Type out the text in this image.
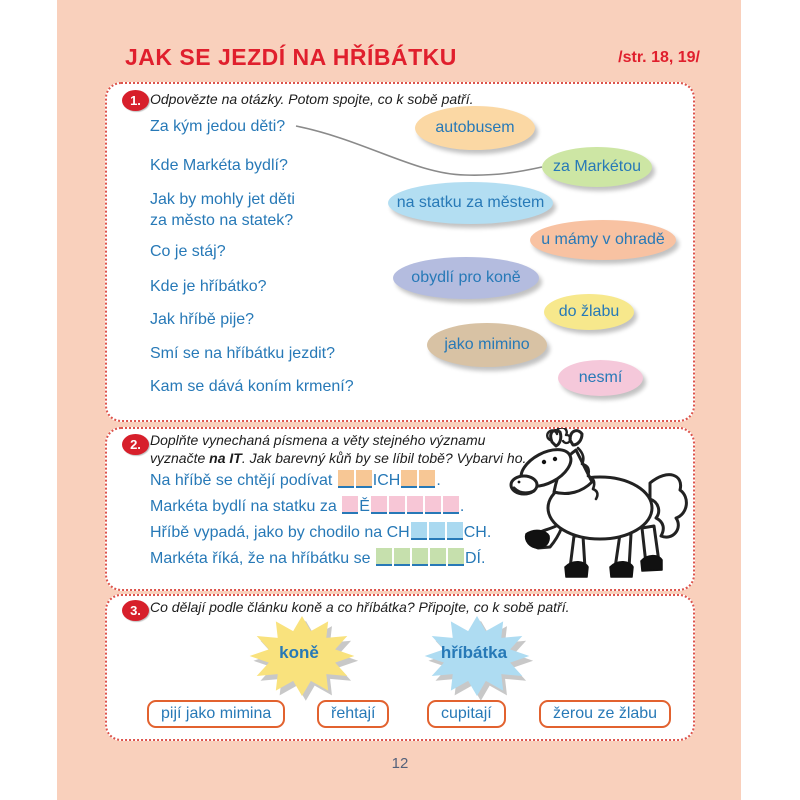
JAK SE JEZDÍ NA HŘÍBÁTKU	/str. 18, 19/
1. Odpovězte na otázky. Potom spojte, co k sobě patří.
Za kým jedou děti?
Kde Markéta bydlí?
Jak by mohly jet děti
za město na statek?
Co je stáj?
Kde je hříbátko?
Jak hříbě pije?
Smí se na hříbátku jezdit?
Kam se dává koním krmení?
autobusem
za Markétou
na statku za městem
u mámy v ohradě
obydlí pro koně
do žlabu
jako mimino
nesmí
2. Doplňte vynechaná písmena a věty stejného významu
vyznačte na IT. Jak barevný kůň by se líbil tobě? Vybarvi ho.
Na hříbě se chtějí podívat ICH .
Markéta bydlí na statku za Ě	.
Hříbě vypadá, jako by chodilo na CH	CH.
Markéta říká, že na hříbátku se	DÍ.
3. Co dělají podle článku koně a co hříbátka? Připojte, co k sobě patří.
koně	hříbátka
pijí jako mimina	řehtají	cupitají	žerou ze žlabu
12
